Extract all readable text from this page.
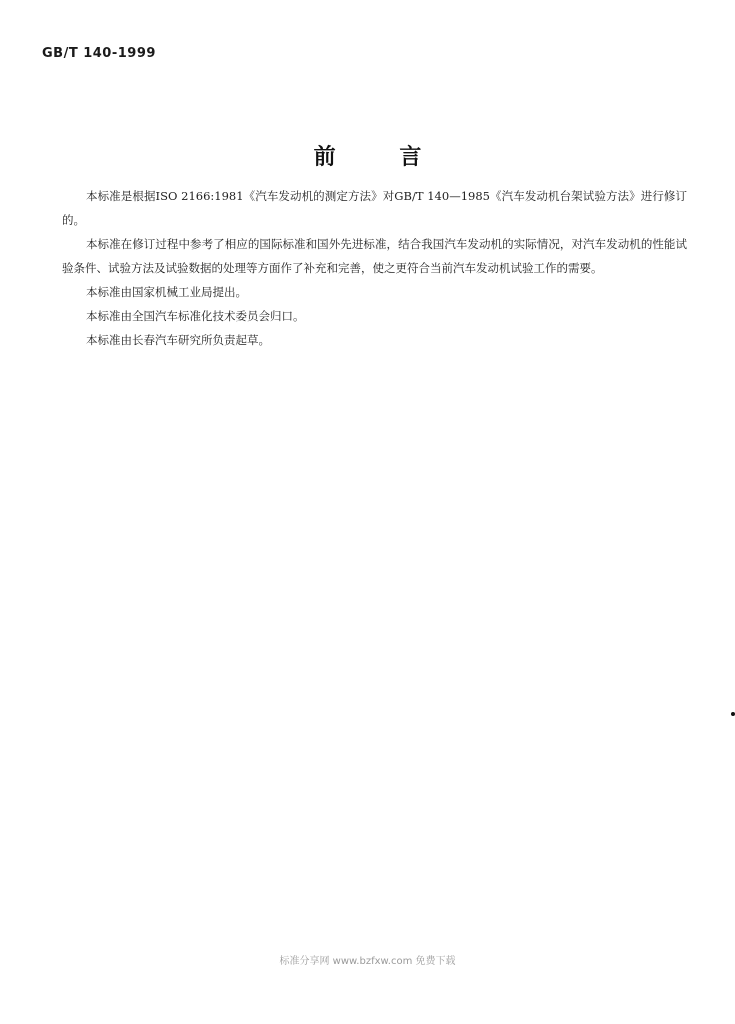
GB/T 140-1999
前 言

本标准是根据ISO 2166:1981《汽车发动机的测定方法》对GB/T 140—1985《汽车发动机台架试验方法》进行修订的。

本标准在修订过程中参考了相应的国际标准和国外先进标准，结合我国汽车发动机的实际情况，对汽车发动机的性能试验条件、试验方法及试验数据的处理等方面作了补充和完善，使之更符合当前汽车发动机试验工作的需要。

本标准由国家机械工业局提出。

本标准由全国汽车标准化技术委员会归口。

本标准由长春汽车研究所负责起草。

标准分享网 www.bzfxw.com 免费下载
